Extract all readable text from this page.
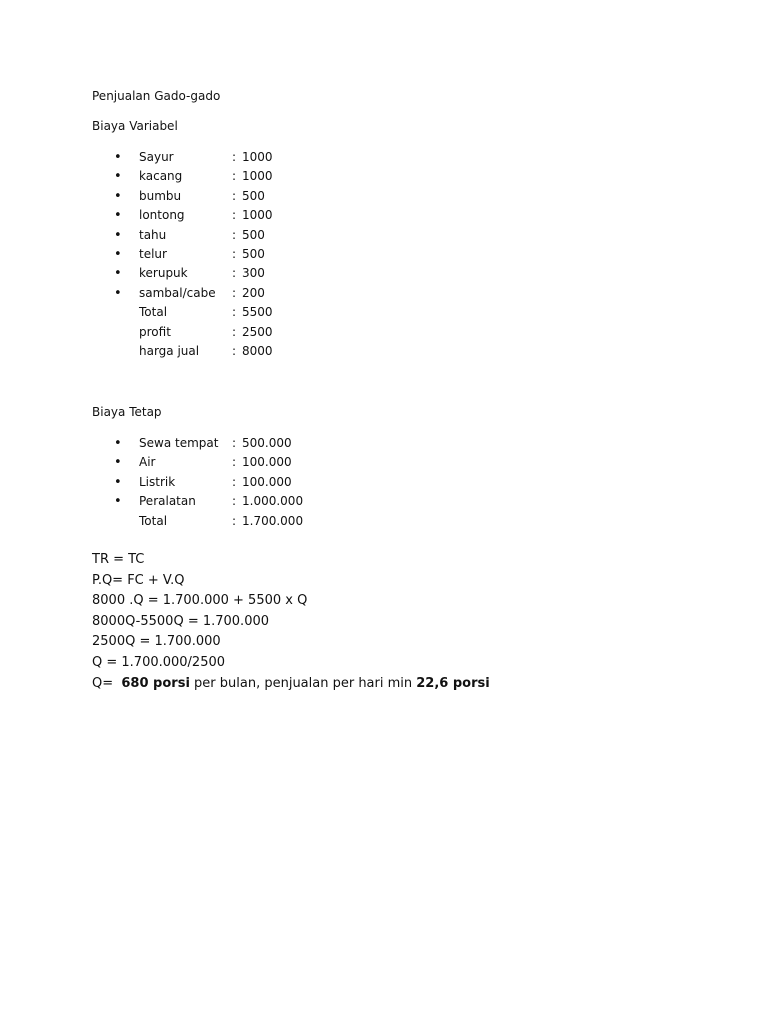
Penjualan Gado-gado
Biaya Variabel
• Sayur	: 1000
• kacang	: 1000
• bumbu	: 500
• lontong	: 1000
• tahu	: 500
• telur	: 500
• kerupuk	: 300
• sambal/cabe : 200
Total	: 5500
profit	: 2500
harga jual	: 8000
Biaya Tetap
• Sewa tempat : 500.000
• Air	: 100.000
• Listrik	: 100.000
• Peralatan	: 1.000.000
Total	: 1.700.000
TR = TC
P.Q= FC + V.Q
8000 .Q = 1.700.000 + 5500 x Q
8000Q-5500Q = 1.700.000
2500Q = 1.700.000
Q = 1.700.000/2500
Q=  680 porsi per bulan, penjualan per hari min 22,6 porsi
